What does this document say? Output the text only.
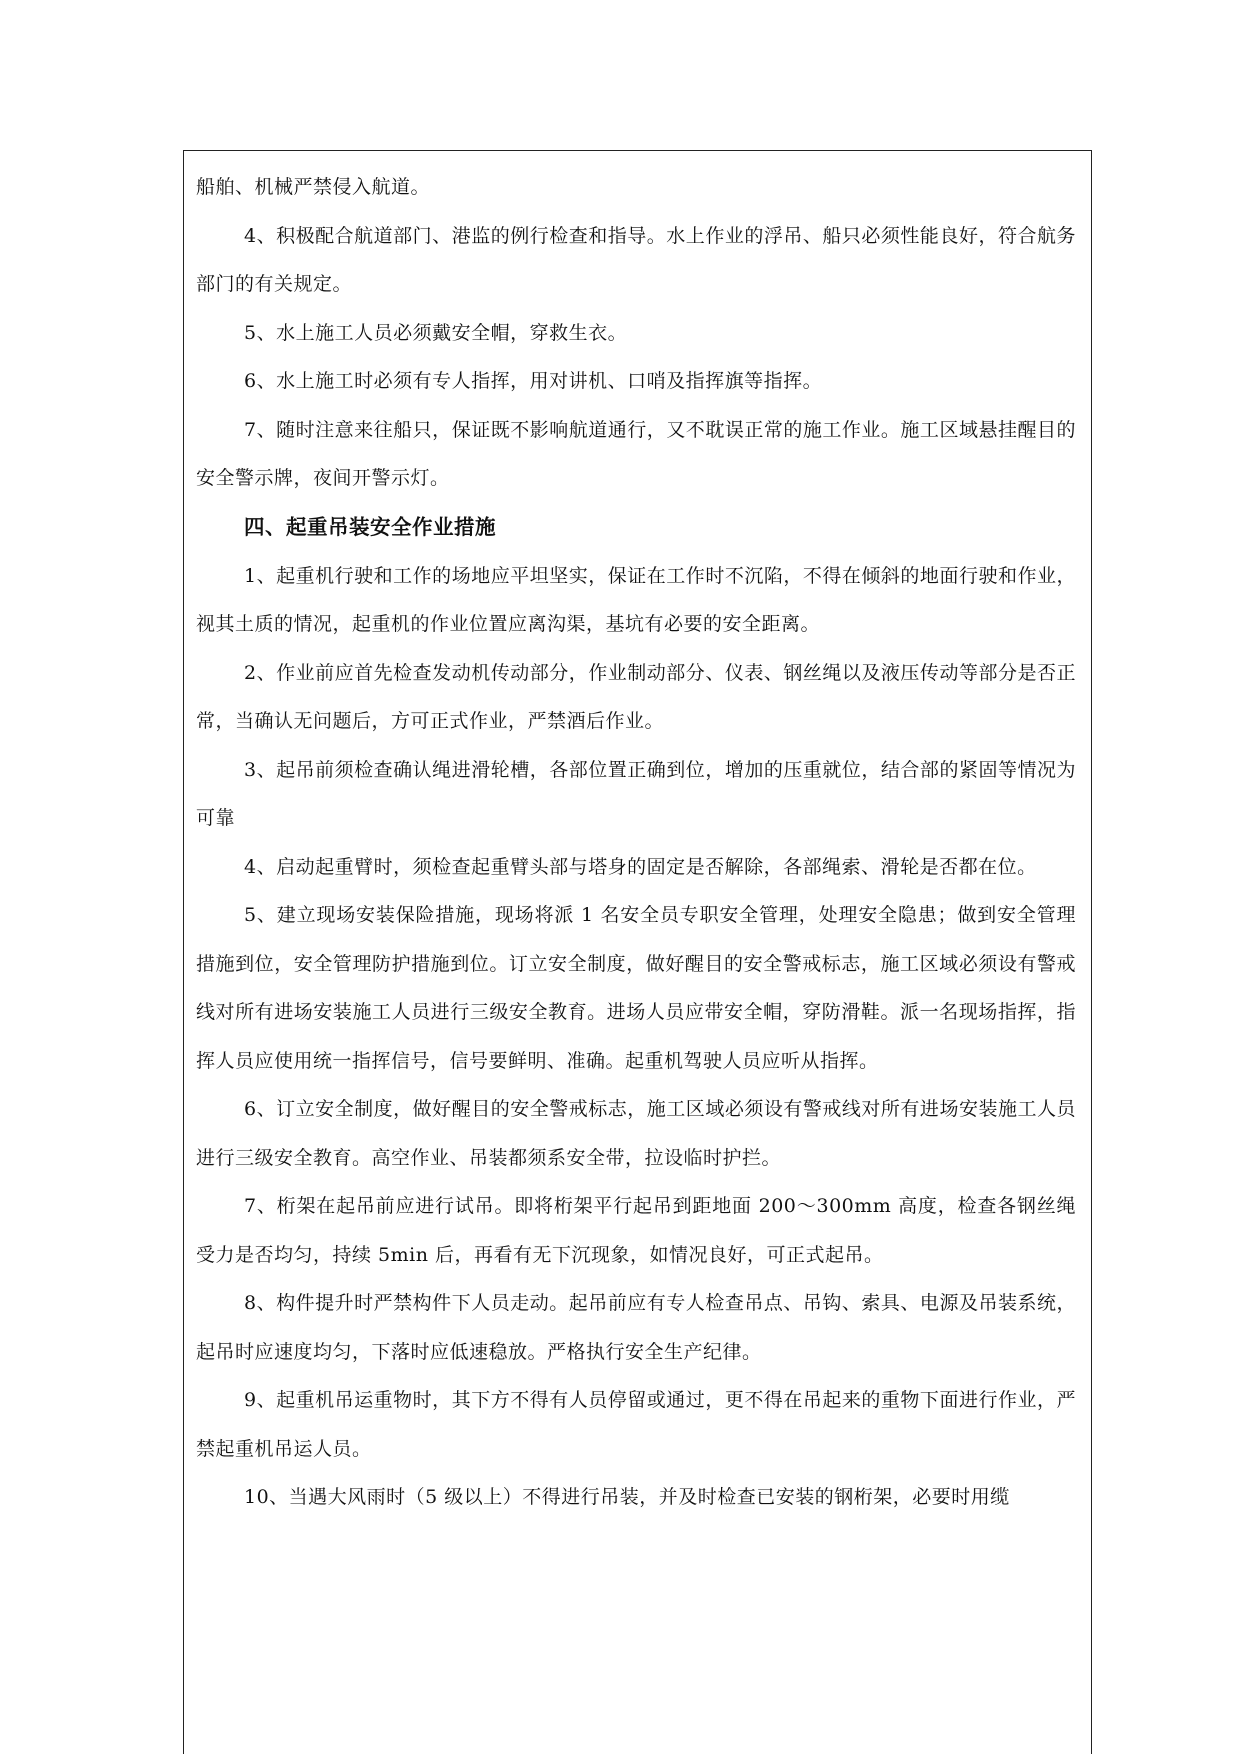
船舶、机械严禁侵入航道。

4、积极配合航道部门、港监的例行检查和指导。水上作业的浮吊、船只必须性能良好，符合航务部门的有关规定。

5、水上施工人员必须戴安全帽，穿救生衣。

6、水上施工时必须有专人指挥，用对讲机、口哨及指挥旗等指挥。

7、随时注意来往船只，保证既不影响航道通行，又不耽误正常的施工作业。施工区域悬挂醒目的安全警示牌，夜间开警示灯。

四、起重吊装安全作业措施

1、起重机行驶和工作的场地应平坦坚实，保证在工作时不沉陷，不得在倾斜的地面行驶和作业，视其土质的情况，起重机的作业位置应离沟渠，基坑有必要的安全距离。

2、作业前应首先检查发动机传动部分，作业制动部分、仪表、钢丝绳以及液压传动等部分是否正常，当确认无问题后，方可正式作业，严禁酒后作业。

3、起吊前须检查确认绳进滑轮槽，各部位置正确到位，增加的压重就位，结合部的紧固等情况为可靠

4、启动起重臂时，须检查起重臂头部与塔身的固定是否解除，各部绳索、滑轮是否都在位。

5、建立现场安装保险措施，现场将派 1 名安全员专职安全管理，处理安全隐患；做到安全管理措施到位，安全管理防护措施到位。订立安全制度，做好醒目的安全警戒标志，施工区域必须设有警戒线对所有进场安装施工人员进行三级安全教育。进场人员应带安全帽，穿防滑鞋。派一名现场指挥，指挥人员应使用统一指挥信号，信号要鲜明、准确。起重机驾驶人员应听从指挥。

6、订立安全制度，做好醒目的安全警戒标志，施工区域必须设有警戒线对所有进场安装施工人员进行三级安全教育。高空作业、吊装都须系安全带，拉设临时护拦。

7、桁架在起吊前应进行试吊。即将桁架平行起吊到距地面 200～300mm 高度，检查各钢丝绳受力是否均匀，持续 5min 后，再看有无下沉现象，如情况良好，可正式起吊。

8、构件提升时严禁构件下人员走动。起吊前应有专人检查吊点、吊钩、索具、电源及吊装系统，起吊时应速度均匀，下落时应低速稳放。严格执行安全生产纪律。

9、起重机吊运重物时，其下方不得有人员停留或通过，更不得在吊起来的重物下面进行作业，严禁起重机吊运人员。

10、当遇大风雨时（5 级以上）不得进行吊装，并及时检查已安装的钢桁架，必要时用缆
